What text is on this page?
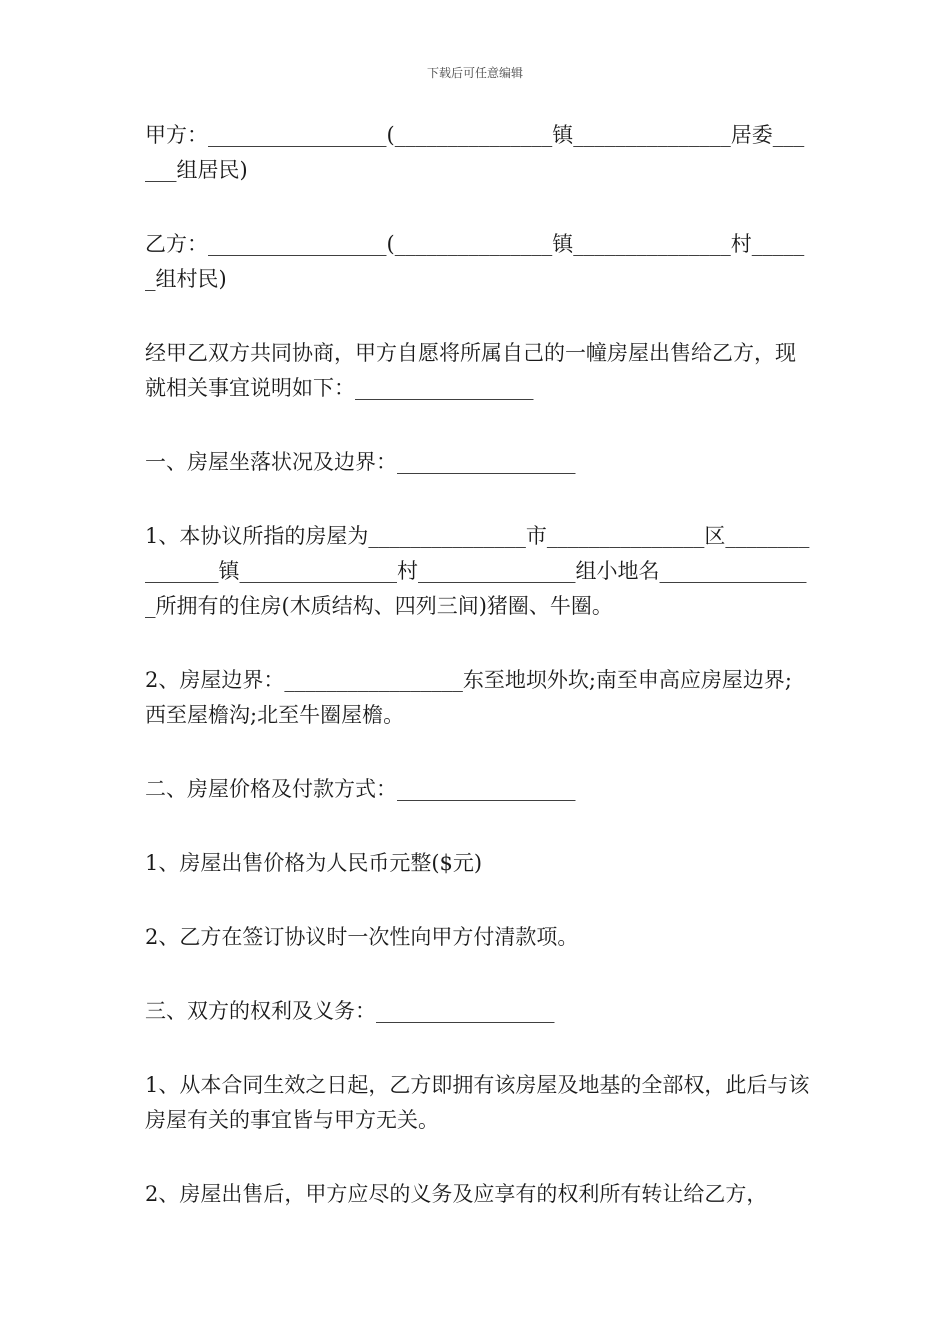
下载后可任意编辑

甲方：_________________(_______________镇_______________居委______组居民)

乙方：_________________(_______________镇_______________村______组村民)

经甲乙双方共同协商，甲方自愿将所属自己的一幢房屋出售给乙方，现就相关事宜说明如下：_________________

一、房屋坐落状况及边界：_________________

1、本协议所指的房屋为_______________市_______________区_______________镇_______________村_______________组小地名_______________所拥有的住房(木质结构、四列三间)猪圈、牛圈。

2、房屋边界：_________________东至地坝外坎;南至申高应房屋边界;西至屋檐沟;北至牛圈屋檐。

二、房屋价格及付款方式：_________________

1、房屋出售价格为人民币元整($元)

2、乙方在签订协议时一次性向甲方付清款项。

三、双方的权利及义务：_________________

1、从本合同生效之日起，乙方即拥有该房屋及地基的全部权，此后与该房屋有关的事宜皆与甲方无关。

2、房屋出售后，甲方应尽的义务及应享有的权利所有转让给乙方，
